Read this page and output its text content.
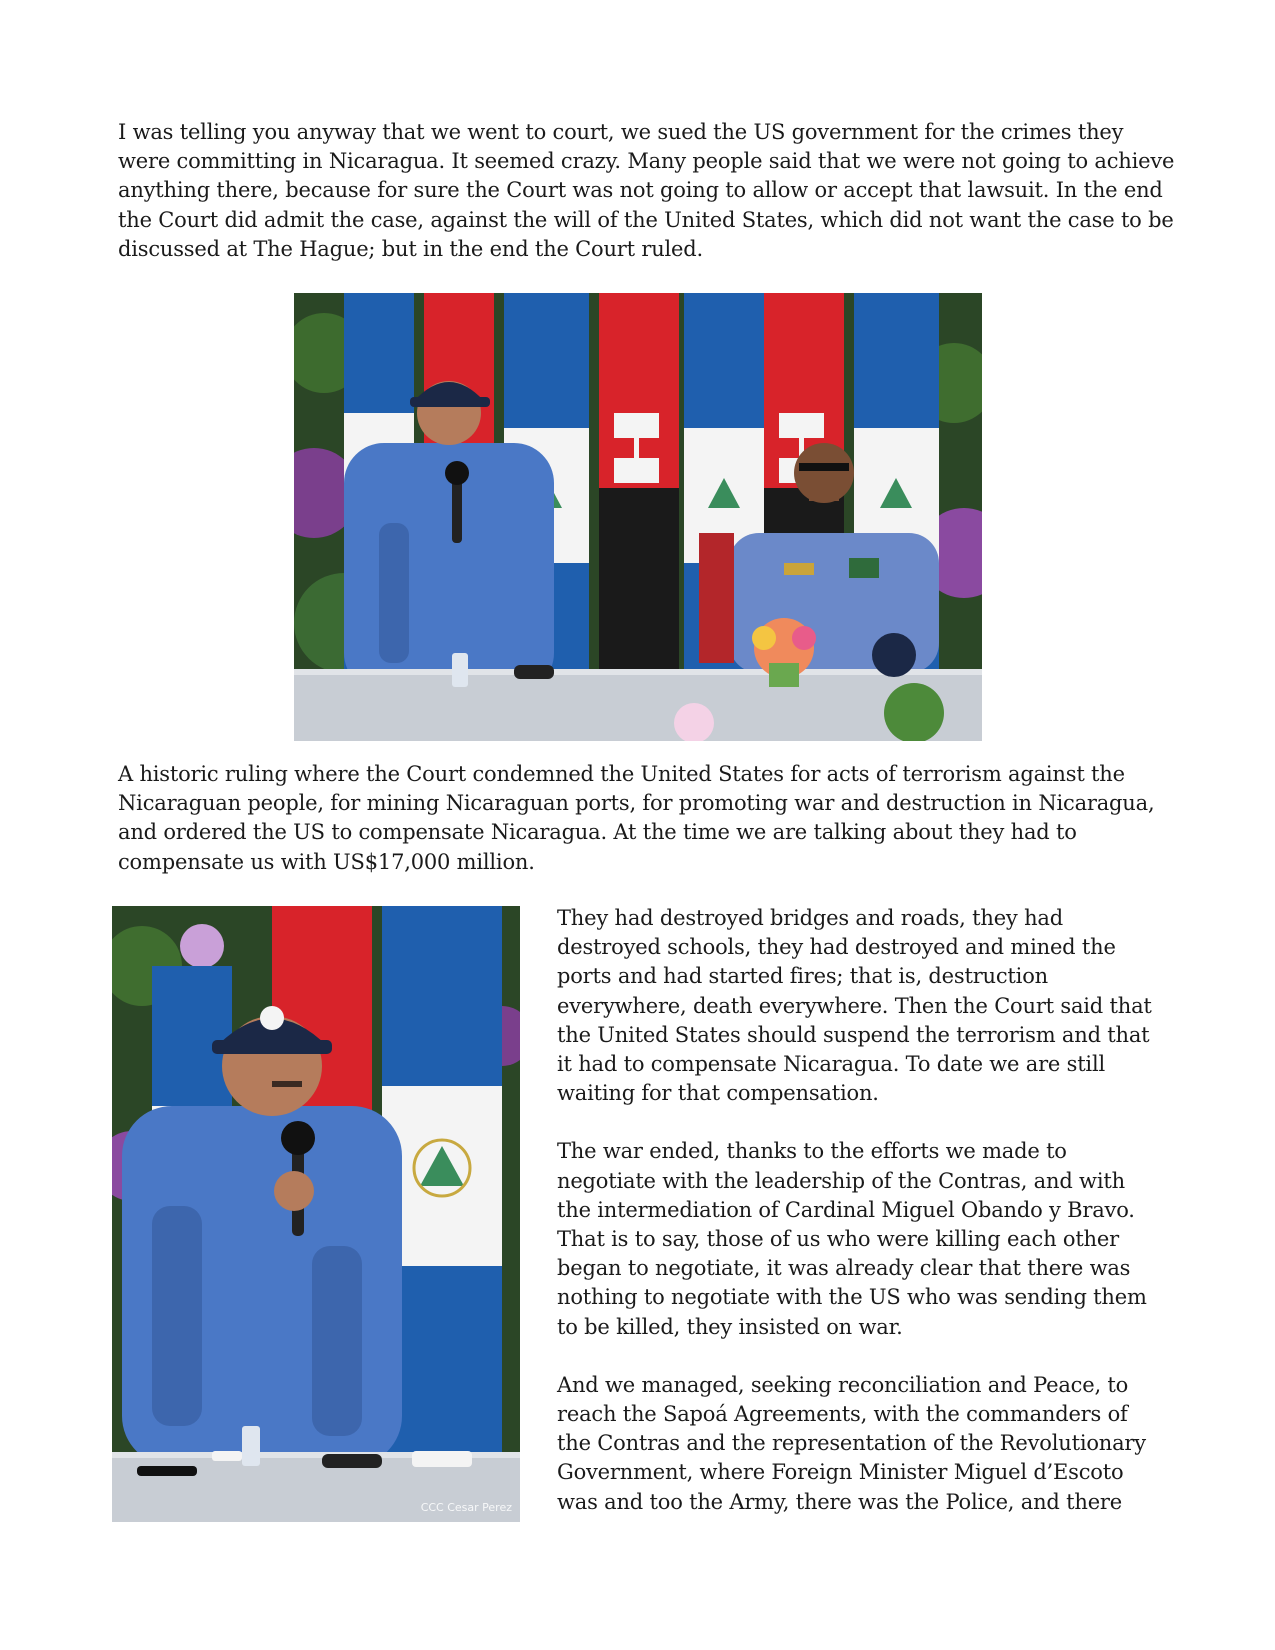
I was telling you anyway that we went to court, we sued the US government for the crimes they were committing in Nicaragua. It seemed crazy. Many people said that we were not going to achieve anything there, because for sure the Court was not going to allow or accept that lawsuit. In the end the Court did admit the case, against the will of the United States, which did not want the case to be discussed at The Hague; but in the end the Court ruled.

A historic ruling where the Court condemned the United States for acts of terrorism against the Nicaraguan people, for mining Nicaraguan ports, for promoting war and destruction in Nicaragua, and ordered the US to compensate Nicaragua. At the time we are talking about they had to compensate us with US$17,000 million.

CCC Cesar Perez

They had destroyed bridges and roads, they had destroyed schools, they had destroyed and mined the ports and had started fires; that is, destruction everywhere, death everywhere. Then the Court said that the United States should suspend the terrorism and that it had to compensate Nicaragua. To date we are still waiting for that compensation.

The war ended, thanks to the efforts we made to negotiate with the leadership of the Contras, and with the intermediation of Cardinal Miguel Obando y Bravo. That is to say, those of us who were killing each other began to negotiate, it was already clear that there was nothing to negotiate with the US who was sending them to be killed, they insisted on war.

And we managed, seeking reconciliation and Peace, to reach the Sapoá Agreements, with the commanders of the Contras and the representation of the Revolutionary Government, where Foreign Minister Miguel d’Escoto was and too the Army, there was the Police, and there
